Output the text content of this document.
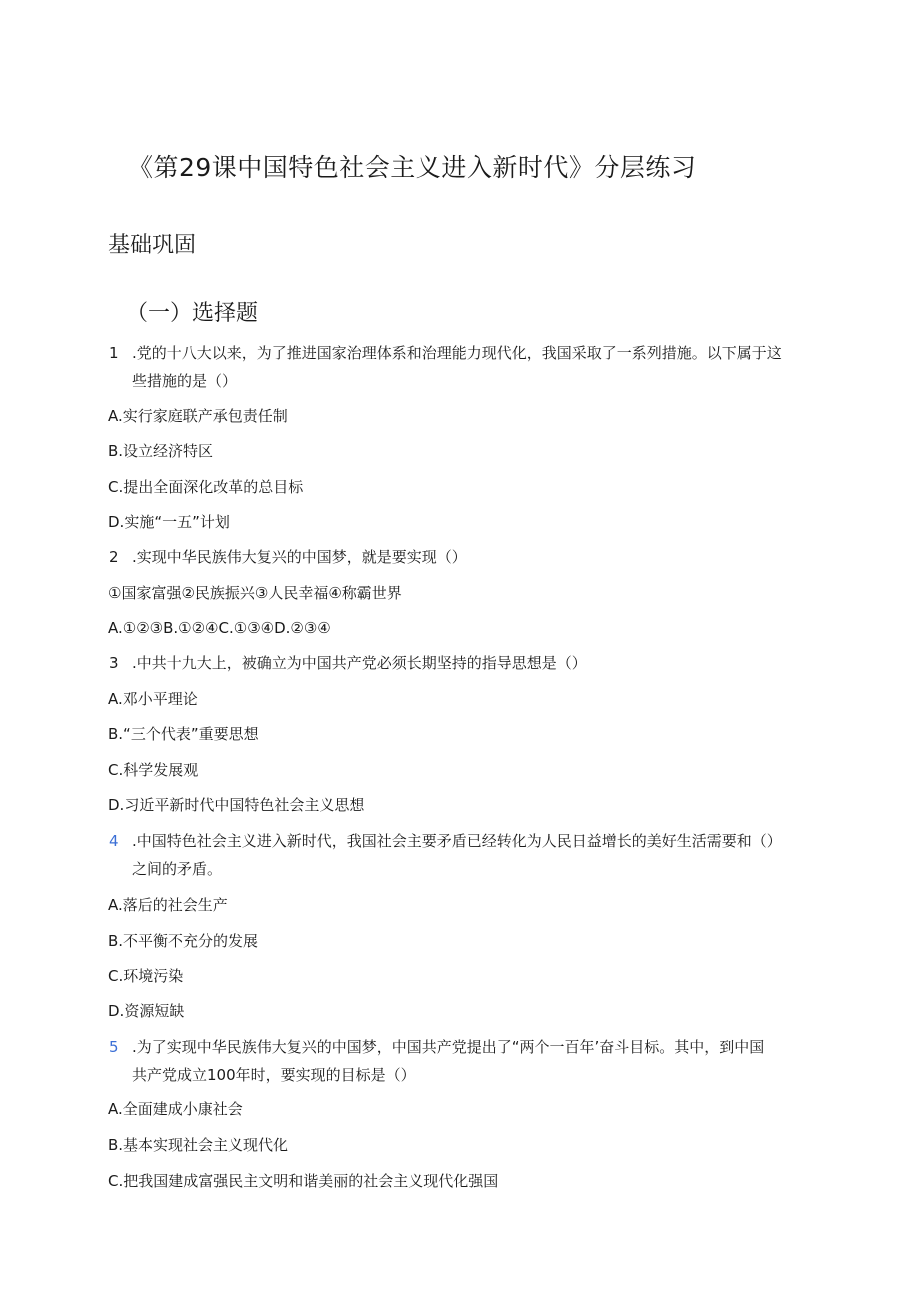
《第29课中国特色社会主义进入新时代》分层练习
基础巩固
（一）选择题
1 .党的十八大以来，为了推进国家治理体系和治理能力现代化，我国采取了一系列措施。以下属于这
些措施的是（）
A.实行家庭联产承包责任制
B.设立经济特区
C.提出全面深化改革的总目标
D.实施“一五”计划
2 .实现中华民族伟大复兴的中国梦，就是要实现（）
①国家富强②民族振兴③人民幸福④称霸世界
A.①②③B.①②④C.①③④D.②③④
3 .中共十九大上，被确立为中国共产党必须长期坚持的指导思想是（）
A.邓小平理论
B.“三个代表”重要思想
C.科学发展观
D.习近平新时代中国特色社会主义思想
4 .中国特色社会主义进入新时代，我国社会主要矛盾已经转化为人民日益增长的美好生活需要和（）
之间的矛盾。
A.落后的社会生产
B.不平衡不充分的发展
C.环境污染
D.资源短缺
5 .为了实现中华民族伟大复兴的中国梦，中国共产党提出了“两个一百年’奋斗目标。其中，到中国
共产党成立100年时，要实现的目标是（）
A.全面建成小康社会
B.基本实现社会主义现代化
C.把我国建成富强民主文明和谐美丽的社会主义现代化强国
